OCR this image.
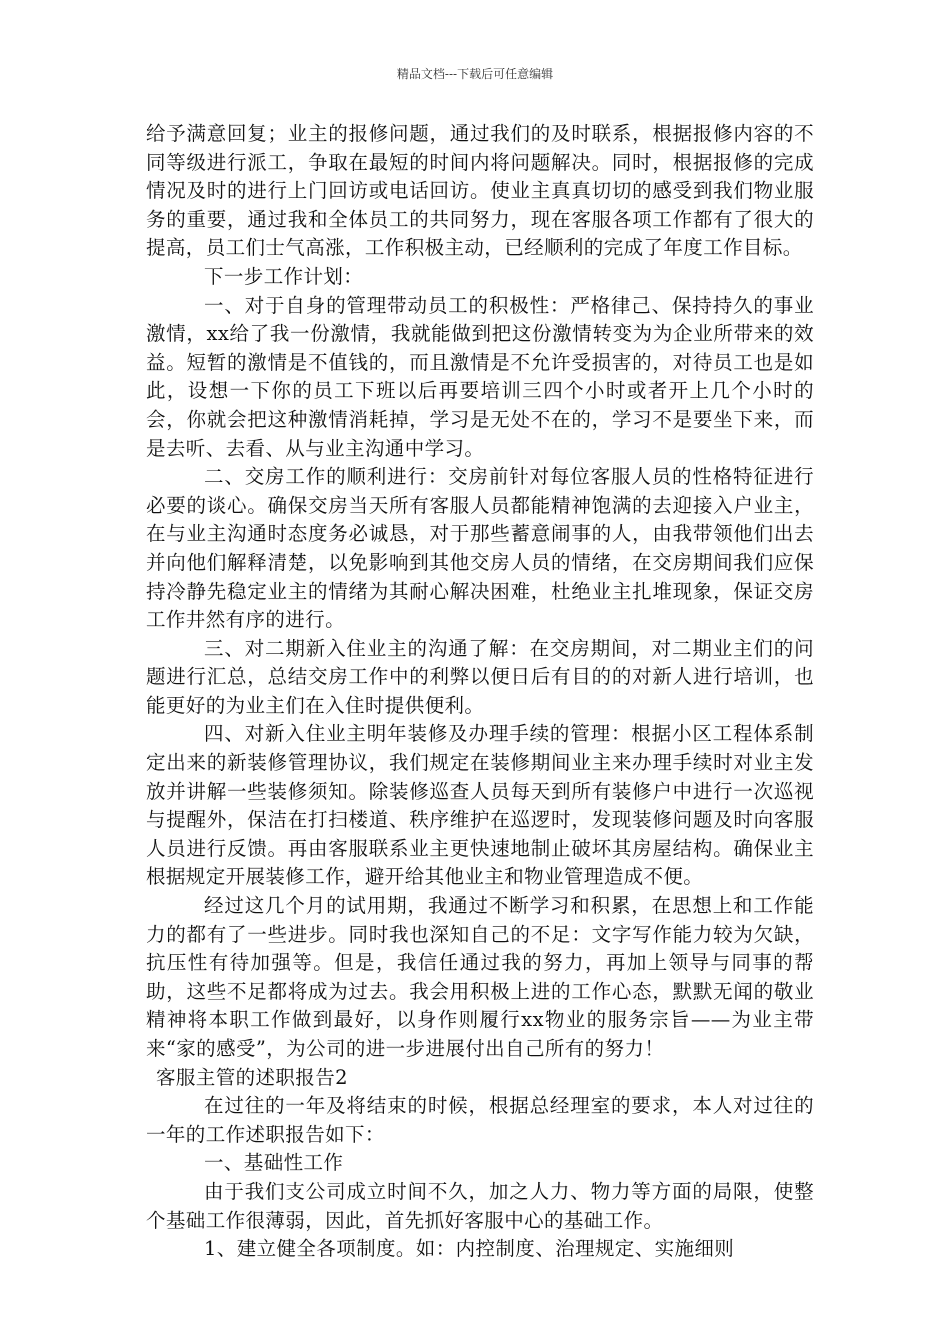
精品文档---下载后可任意编辑

给予满意回复；业主的报修问题，通过我们的及时联系，根据报修内容的不同等级进行派工，争取在最短的时间内将问题解决。同时，根据报修的完成情况及时的进行上门回访或电话回访。使业主真真切切的感受到我们物业服务的重要，通过我和全体员工的共同努力，现在客服各项工作都有了很大的提高，员工们士气高涨，工作积极主动，已经顺利的完成了年度工作目标。

下一步工作计划：

一、对于自身的管理带动员工的积极性：严格律己、保持持久的事业激情，xx给了我一份激情，我就能做到把这份激情转变为为企业所带来的效益。短暂的激情是不值钱的，而且激情是不允许受损害的，对待员工也是如此，设想一下你的员工下班以后再要培训三四个小时或者开上几个小时的会，你就会把这种激情消耗掉，学习是无处不在的，学习不是要坐下来，而是去听、去看、从与业主沟通中学习。

二、交房工作的顺利进行：交房前针对每位客服人员的性格特征进行必要的谈心。确保交房当天所有客服人员都能精神饱满的去迎接入户业主，在与业主沟通时态度务必诚恳，对于那些蓄意闹事的人，由我带领他们出去并向他们解释清楚，以免影响到其他交房人员的情绪，在交房期间我们应保持冷静先稳定业主的情绪为其耐心解决困难，杜绝业主扎堆现象，保证交房工作井然有序的进行。

三、对二期新入住业主的沟通了解：在交房期间，对二期业主们的问题进行汇总，总结交房工作中的利弊以便日后有目的的对新人进行培训，也能更好的为业主们在入住时提供便利。

四、对新入住业主明年装修及办理手续的管理：根据小区工程体系制定出来的新装修管理协议，我们规定在装修期间业主来办理手续时对业主发放并讲解一些装修须知。除装修巡查人员每天到所有装修户中进行一次巡视与提醒外，保洁在打扫楼道、秩序维护在巡逻时，发现装修问题及时向客服人员进行反馈。再由客服联系业主更快速地制止破坏其房屋结构。确保业主根据规定开展装修工作，避开给其他业主和物业管理造成不便。

经过这几个月的试用期，我通过不断学习和积累，在思想上和工作能力的都有了一些进步。同时我也深知自己的不足：文字写作能力较为欠缺，抗压性有待加强等。但是，我信任通过我的努力，再加上领导与同事的帮助，这些不足都将成为过去。我会用积极上进的工作心态，默默无闻的敬业精神将本职工作做到最好，以身作则履行xx物业的服务宗旨——为业主带来“家的感受”，为公司的进一步进展付出自己所有的努力！

客服主管的述职报告2

在过往的一年及将结束的时候，根据总经理室的要求，本人对过往的一年的工作述职报告如下：

一、基础性工作

由于我们支公司成立时间不久，加之人力、物力等方面的局限，使整个基础工作很薄弱，因此，首先抓好客服中心的基础工作。

1、建立健全各项制度。如：内控制度、治理规定、实施细则
